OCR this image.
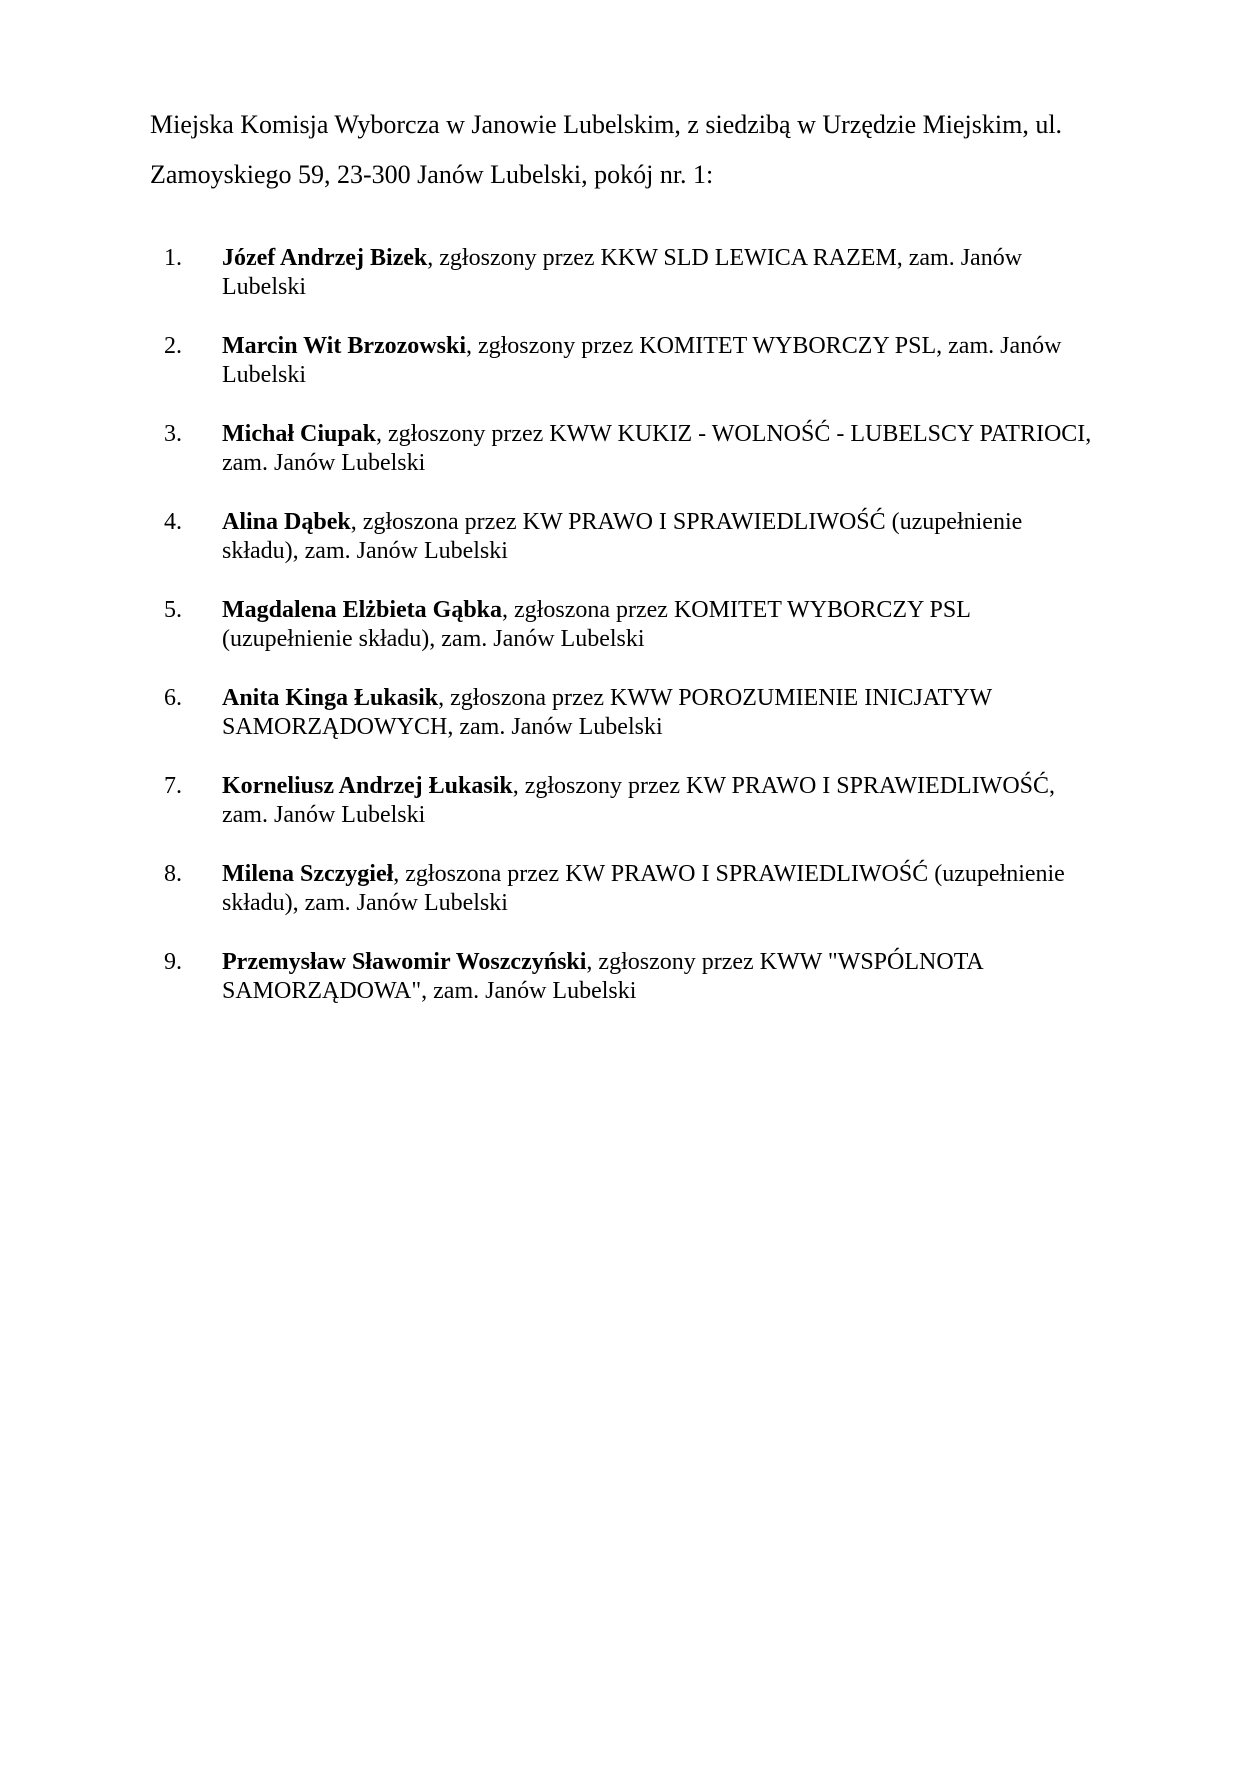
Miejska Komisja Wyborcza w Janowie Lubelskim, z siedzibą w Urzędzie Miejskim, ul.
Zamoyskiego 59, 23-300 Janów Lubelski, pokój nr. 1:

1.	Józef Andrzej Bizek, zgłoszony przez KKW SLD LEWICA RAZEM, zam. Janów Lubelski
2.	Marcin Wit Brzozowski, zgłoszony przez KOMITET WYBORCZY PSL, zam. Janów Lubelski
3.	Michał Ciupak, zgłoszony przez KWW KUKIZ - WOLNOŚĆ - LUBELSCY PATRIOCI, zam. Janów Lubelski
4.	Alina Dąbek, zgłoszona przez KW PRAWO I SPRAWIEDLIWOŚĆ (uzupełnienie składu), zam. Janów Lubelski
5.	Magdalena Elżbieta Gąbka, zgłoszona przez KOMITET WYBORCZY PSL (uzupełnienie składu), zam. Janów Lubelski
6.	Anita Kinga Łukasik, zgłoszona przez KWW POROZUMIENIE INICJATYW SAMORZĄDOWYCH, zam. Janów Lubelski
7.	Korneliusz Andrzej Łukasik, zgłoszony przez KW PRAWO I SPRAWIEDLIWOŚĆ, zam. Janów Lubelski
8.	Milena Szczygieł, zgłoszona przez KW PRAWO I SPRAWIEDLIWOŚĆ (uzupełnienie składu), zam. Janów Lubelski
9.	Przemysław Sławomir Woszczyński, zgłoszony przez KWW "WSPÓLNOTA SAMORZĄDOWA", zam. Janów Lubelski
